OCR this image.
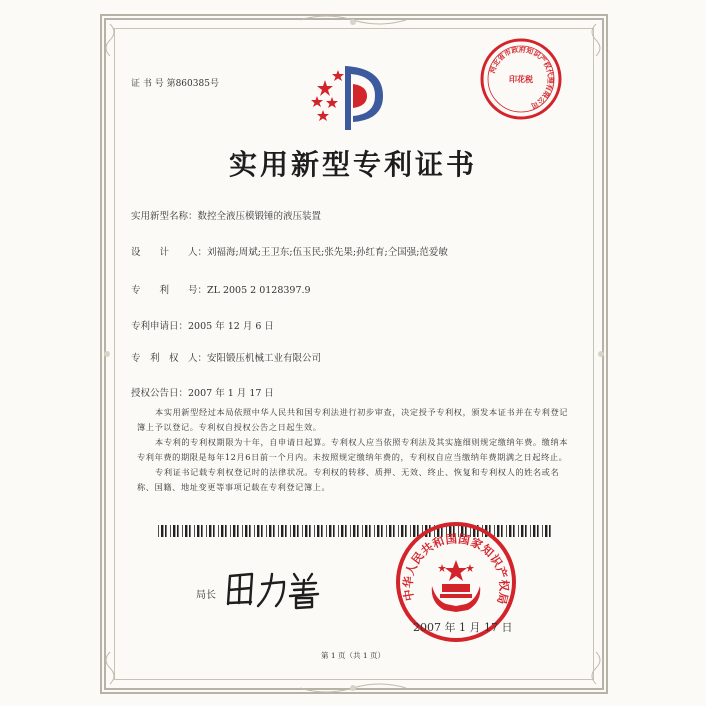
证 书 号 第860385号
河北省市政府知识产权代理有限公司
印花税
实用新型专利证书
实用新型名称：数控全液压模锻锤的液压装置
设　　计　　人：刘福海;周斌;王卫东;伍玉民;张先果;孙红育;仝国强;范爱敏
专　　利　　号：ZL 2005 2 0128397.9
专利申请日：2005 年 12 月 6 日
专　利　权　人：安阳锻压机械工业有限公司
授权公告日：2007 年 1 月 17 日

本实用新型经过本局依照中华人民共和国专利法进行初步审查，决定授予专利权，颁发本证书并在专利登记簿上予以登记。专利权自授权公告之日起生效。

本专利的专利权期限为十年，自申请日起算。专利权人应当依照专利法及其实施细则规定缴纳年费。缴纳本专利年费的期限是每年12月6日前一个月内。未按照规定缴纳年费的，专利权自应当缴纳年费期满之日起终止。

专利证书记载专利权登记时的法律状况。专利权的转移、质押、无效、终止、恢复和专利权人的姓名或名称、国籍、地址变更等事项记载在专利登记簿上。

局长	中华人民共和国国家知识产权局
2007 年 1 月 17 日
第 1 页（共 1 页）
